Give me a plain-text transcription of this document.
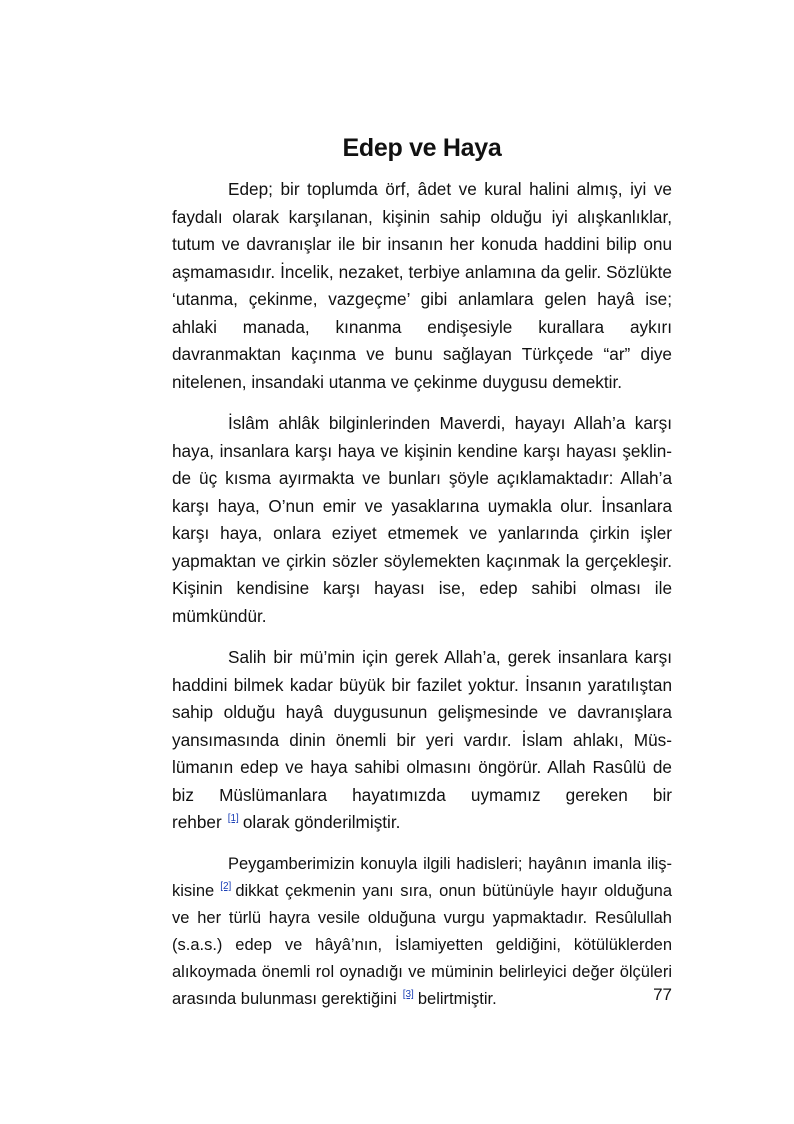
Edep ve Haya

Edep; bir toplumda örf, âdet ve kural halini almış, iyi ve faydalı olarak karşılanan, kişinin sahip olduğu iyi alışkanlıklar, tutum ve davranışlar ile bir insanın her konuda haddini bilip onu aşmamasıdır. İncelik, nezaket, terbiye anlamına da gelir. Sözlükte ‘utanma, çekinme, vazgeçme’ gibi anlamlara gelen hayâ ise; ahlaki manada, kınanma endişesiyle kurallara aykırı davranmaktan kaçınma ve bunu sağlayan Türkçede “ar” diye nitelenen, insandaki utanma ve çekinme duygusu demektir.

İslâm ahlâk bilginlerinden Maverdi, hayayı Allah’a karşı haya, insanlara karşı haya ve kişinin kendine karşı hayası şeklinde üç kısma ayırmakta ve bunları şöyle açıklamaktadır: Allah’a karşı haya, O’nun emir ve yasaklarına uymakla olur. İnsanlara karşı haya, onlara eziyet etmemek ve yanlarında çirkin işler yapmaktan ve çirkin sözler söylemekten kaçınmak la gerçekleşir. Kişinin kendisine karşı hayası ise, edep sahibi olması ile mümkündür.

Salih bir mü’min için gerek Allah’a, gerek insanlara karşı haddini bilmek kadar büyük bir fazilet yoktur. İnsanın yaratılıştan sahip olduğu hayâ duygusunun gelişmesinde ve davranışlara yansımasında dinin önemli bir yeri vardır. İslam ahlakı, Müslümanın edep ve haya sahibi olmasını öngörür. Allah Rasûlü de biz Müslümanlara hayatımızda uymamız gereken bir rehber [1] olarak gönderilmiştir.

Peygamberimizin konuyla ilgili hadisleri; hayânın imanla ilişkisine [2] dikkat çekmenin yanı sıra, onun bütünüyle hayır olduğuna ve her türlü hayra vesile olduğuna vurgu yapmaktadır. Resûlullah (s.a.s.) edep ve hâyâ’nın, İslamiyetten geldiğini, kötülüklerden alıkoymada önemli rol oynadığı ve müminin belirleyici değer ölçüleri arasında bulunması gerektiğini [3] belirtmiştir.	77
